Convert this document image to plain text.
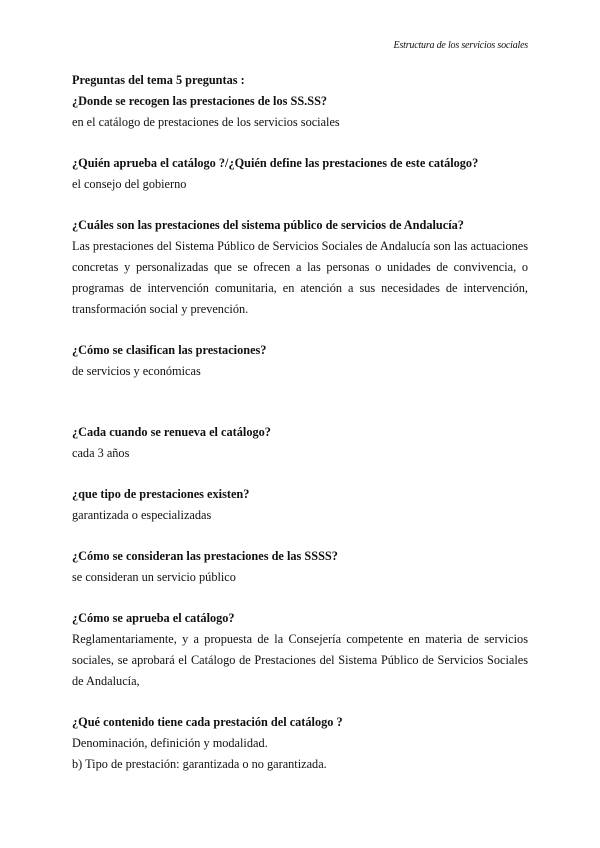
Estructura de los servicios sociales

Preguntas del tema 5 preguntas :

¿Donde se recogen las prestaciones de los SS.SS?

en el catálogo de prestaciones de los servicios sociales

¿Quién aprueba el catálogo ?/¿Quién define las prestaciones de este catálogo?

el consejo del gobierno

¿Cuáles son las prestaciones del sistema público de servicios de Andalucía?

Las prestaciones del Sistema Público de Servicios Sociales de Andalucía son las actuaciones concretas y personalizadas que se ofrecen a las personas o unidades de convivencia, o programas de intervención comunitaria, en atención a sus necesidades de intervención, transformación social y prevención.

¿Cómo se clasifican las prestaciones?

de servicios y económicas

¿Cada cuando se renueva el catálogo?

cada 3 años

¿que tipo de prestaciones existen?

garantizada o especializadas

¿Cómo se consideran las prestaciones de las SSSS?

se consideran un servicio público

¿Cómo se aprueba el catálogo?

Reglamentariamente, y a propuesta de la Consejería competente en materia de servicios sociales, se aprobará el Catálogo de Prestaciones del Sistema Público de Servicios Sociales de Andalucía,

¿Qué contenido tiene cada prestación del catálogo ?

Denominación, definición y modalidad.

b) Tipo de prestación: garantizada o no garantizada.
